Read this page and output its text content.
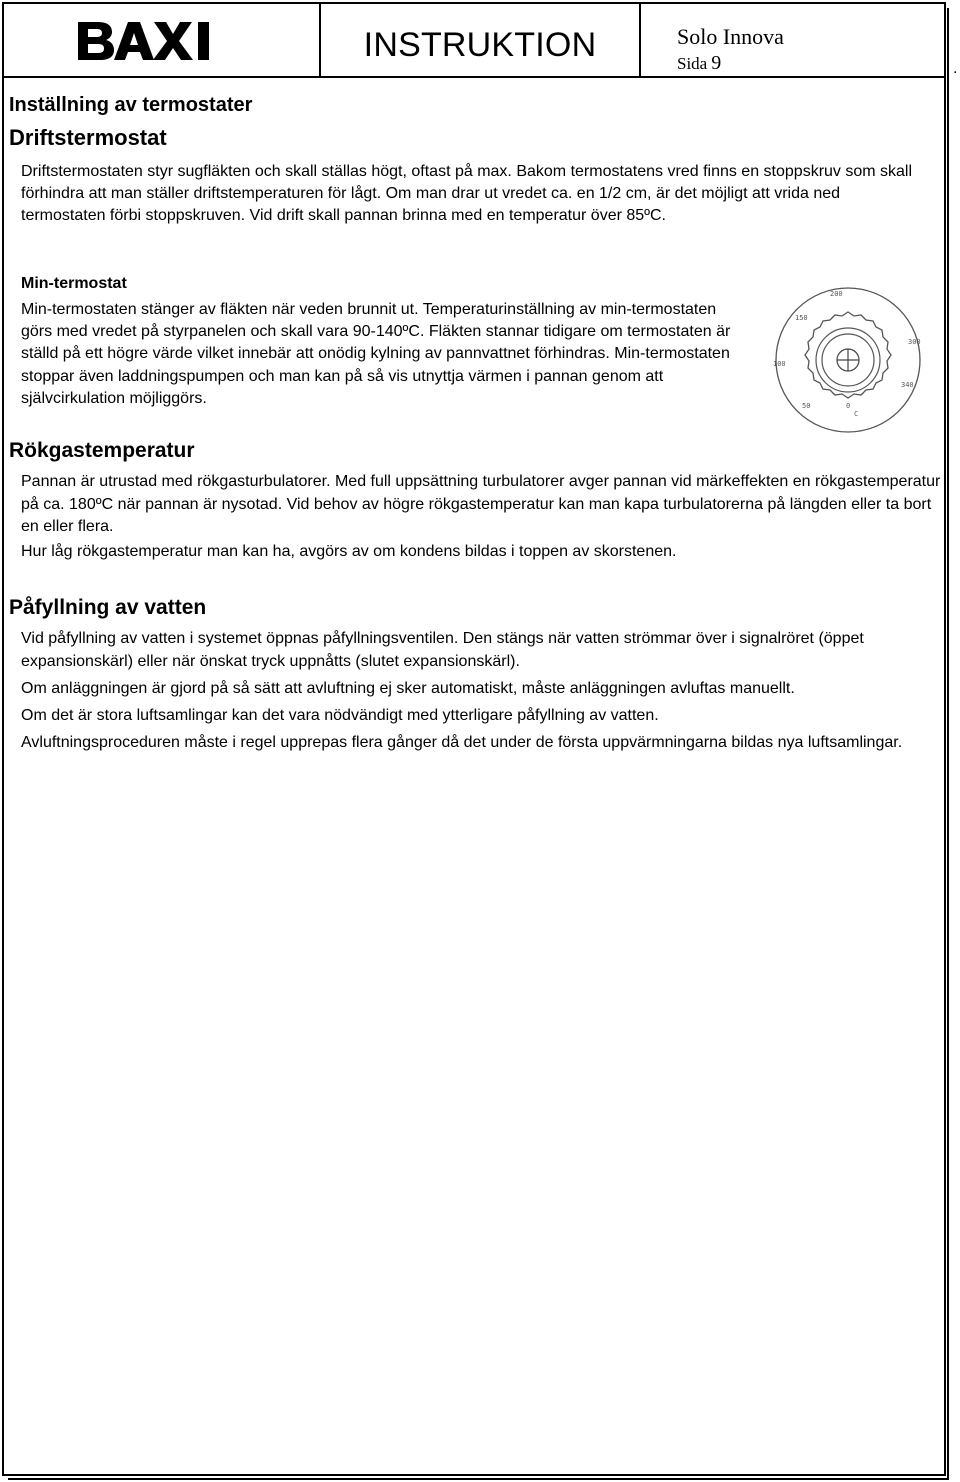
INSTRUKTION	Solo Innova
Sida 9	.
Inställning av termostater
Driftstermostat
Driftstermostaten styr sugfläkten och skall ställas högt, oftast på max. Bakom termostatens vred finns en stoppskruv som skall förhindra att man ställer driftstemperaturen för lågt. Om man drar ut vredet ca. en 1/2 cm, är det möjligt att vrida ned termostaten förbi stoppskruven. Vid drift skall pannan brinna med en temperatur över 85ºC.
Min-termostat
Min-termostaten stänger av fläkten när veden brunnit ut. Temperaturinställning av min-termostaten görs med vredet på styrpanelen och skall vara 90-140ºC. Fläkten stannar tidigare om termostaten är ställd på ett högre värde vilket innebär att onödig kylning av pannvattnet förhindras. Min-termostaten stoppar även laddningspumpen och man kan på så vis utnyttja värmen i pannan genom att självcirkulation möjliggörs.
200
150
300
100
340
50	0
C
Rökgastemperatur
Pannan är utrustad med rökgasturbulatorer. Med full uppsättning turbulatorer avger pannan vid märkeffekten en rökgastemperatur på ca. 180ºC när pannan är nysotad. Vid behov av högre rökgastemperatur kan man kapa turbulatorerna på längden eller ta bort en eller flera.
Hur låg rökgastemperatur man kan ha, avgörs av om kondens bildas i toppen av skorstenen.
Påfyllning av vatten
Vid påfyllning av vatten i systemet öppnas påfyllningsventilen. Den stängs när vatten strömmar över i signalröret (öppet expansionskärl) eller när önskat tryck uppnåtts (slutet expansionskärl).
Om anläggningen är gjord på så sätt att avluftning ej sker automatiskt, måste anläggningen avluftas manuellt.
Om det är stora luftsamlingar kan det vara nödvändigt med ytterligare påfyllning av vatten.
Avluftningsproceduren måste i regel upprepas flera gånger då det under de första uppvärmningarna bildas nya luftsamlingar.
